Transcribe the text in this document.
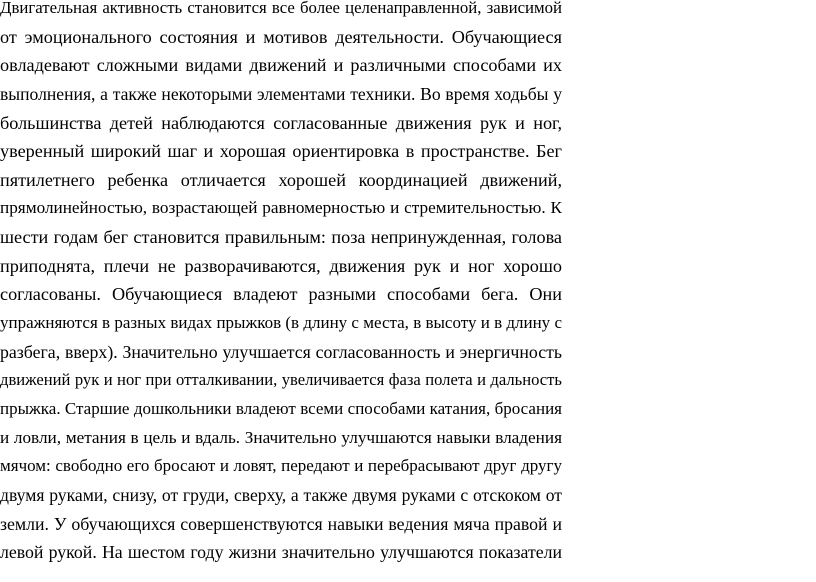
Двигательная активность становится все более целенаправленной, зависимой
от эмоционального состояния и мотивов деятельности. Обучающиеся
овладевают сложными видами движений и различными способами их
выполнения, а также некоторыми элементами техники. Во время ходьбы у
большинства детей наблюдаются согласованные движения рук и ног,
уверенный широкий шаг и хорошая ориентировка в пространстве. Бег
пятилетнего ребенка отличается хорошей координацией движений,
прямолинейностью, возрастающей равномерностью и стремительностью. К
шести годам бег становится правильным: поза непринужденная, голова
приподнята, плечи не разворачиваются, движения рук и ног хорошо
согласованы. Обучающиеся владеют разными способами бега. Они
упражняются в разных видах прыжков (в длину с места, в высоту и в длину с
разбега, вверх). Значительно улучшается согласованность и энергичность
движений рук и ног при отталкивании, увеличивается фаза полета и дальность
прыжка. Старшие дошкольники владеют всеми способами катания, бросания
и ловли, метания в цель и вдаль. Значительно улучшаются навыки владения
мячом: свободно его бросают и ловят, передают и перебрасывают друг другу
двумя руками, снизу, от груди, сверху, а также двумя руками с отскоком от
земли. У обучающихся совершенствуются навыки ведения мяча правой и
левой рукой. На шестом году жизни значительно улучшаются показатели
